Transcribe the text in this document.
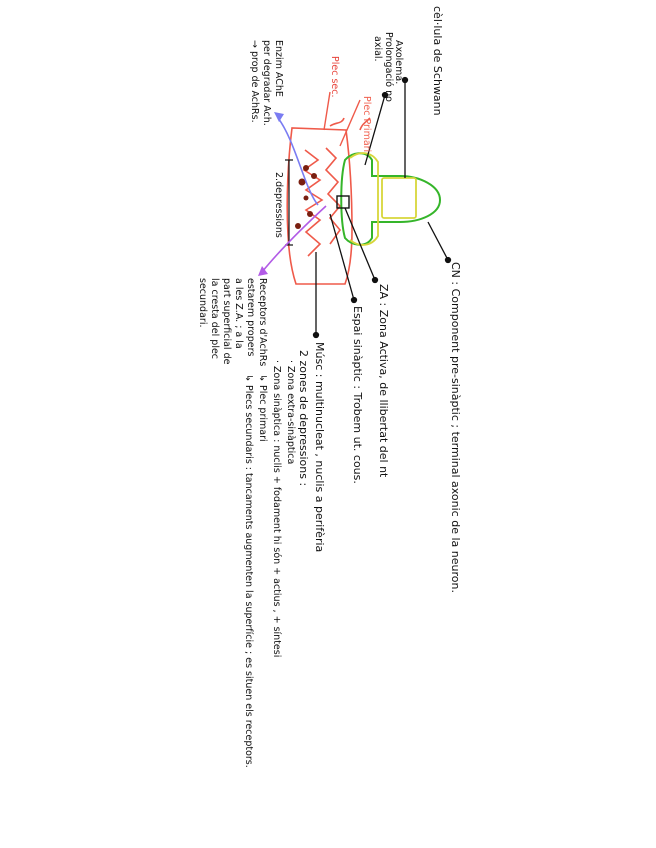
cèl·lula de Schwann
Axolema.
Prolongació no
axial.
CN : Component pre-sinàptic ; terminal axonic de la neuron.
Plec Primari
Plec sec.
Enzim AChE
per degradar Ach.
→ prop de AchRs.
2.depressions
ZA : Zona Activa, de llibertat del nt
Espai sinàptic : Trobem ut. cous.
Receptors d'AchRs
estarem propers
a les Z.A. ; a la
part superficial de
la cresta del plec
secundari.
Músc : multinucleat , nuclis a perifèria
2 zones de depressions :
· Zona extra-sinàptica
· Zona sinàptica : nuclis + fodament hi són + actius , + síntesi
↳ Plec primari
↳ Plecs secundaris : tancaments augmenten la superfície ; es situen els receptors.
